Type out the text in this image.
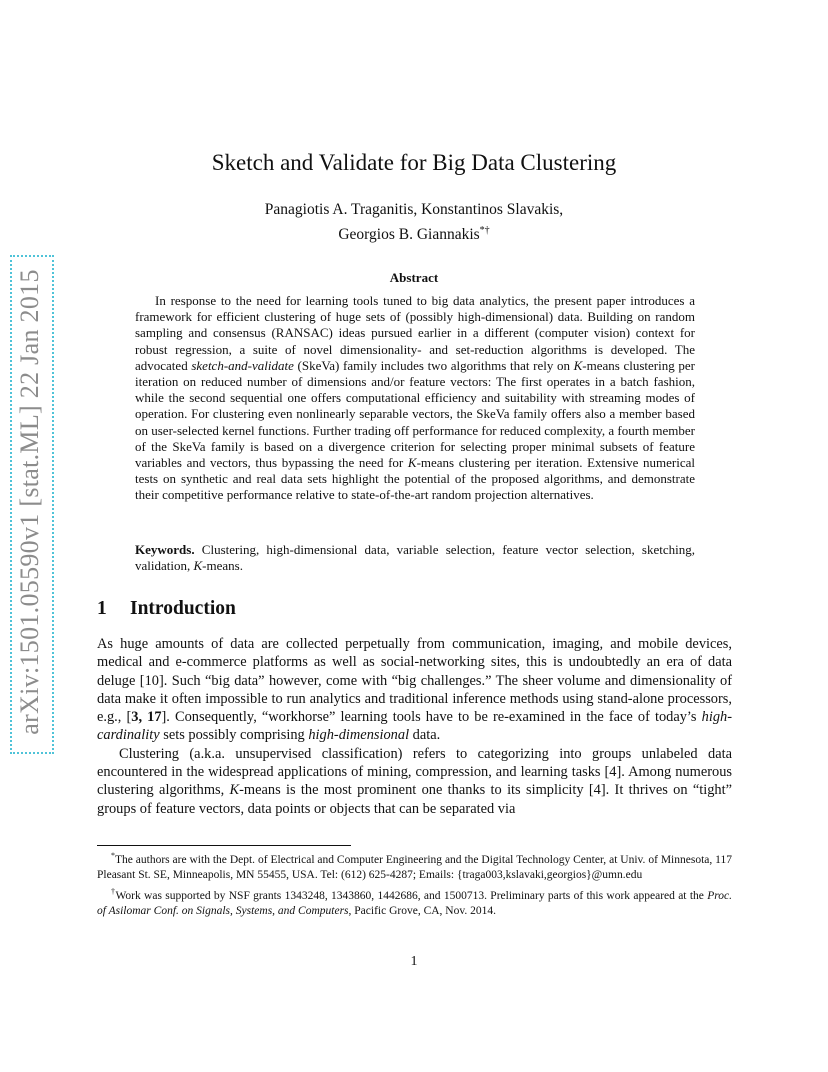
arXiv:1501.05590v1 [stat.ML] 22 Jan 2015
Sketch and Validate for Big Data Clustering
Panagiotis A. Traganitis, Konstantinos Slavakis,
Georgios B. Giannakis*†
Abstract

In response to the need for learning tools tuned to big data analytics, the present paper introduces a framework for efficient clustering of huge sets of (possibly high-dimensional) data. Building on random sampling and consensus (RANSAC) ideas pursued earlier in a different (computer vision) context for robust regression, a suite of novel dimensionality- and set-reduction algorithms is developed. The advocated sketch-and-validate (SkeVa) family includes two algorithms that rely on K-means clustering per iteration on reduced number of dimensions and/or feature vectors: The first operates in a batch fashion, while the second sequential one offers computational efficiency and suitability with streaming modes of operation. For clustering even nonlinearly separable vectors, the SkeVa family offers also a member based on user-selected kernel functions. Further trading off performance for reduced complexity, a fourth member of the SkeVa family is based on a divergence criterion for selecting proper minimal subsets of feature variables and vectors, thus bypassing the need for K-means clustering per iteration. Extensive numerical tests on synthetic and real data sets highlight the potential of the proposed algorithms, and demonstrate their competitive performance relative to state-of-the-art random projection alternatives.

Keywords. Clustering, high-dimensional data, variable selection, feature vector selection, sketching, validation, K-means.
1 Introduction

As huge amounts of data are collected perpetually from communication, imaging, and mobile devices, medical and e-commerce platforms as well as social-networking sites, this is undoubtedly an era of data deluge [10]. Such “big data” however, come with “big challenges.” The sheer volume and dimensionality of data make it often impossible to run analytics and traditional inference methods using stand-alone processors, e.g., [3, 17]. Consequently, “workhorse” learning tools have to be re-examined in the face of today’s high-cardinality sets possibly comprising high-dimensional data.

Clustering (a.k.a. unsupervised classification) refers to categorizing into groups unlabeled data encountered in the widespread applications of mining, compression, and learning tasks [4]. Among numerous clustering algorithms, K-means is the most prominent one thanks to its simplicity [4]. It thrives on “tight” groups of feature vectors, data points or objects that can be separated via

*The authors are with the Dept. of Electrical and Computer Engineering and the Digital Technology Center, at Univ. of Minnesota, 117 Pleasant St. SE, Minneapolis, MN 55455, USA. Tel: (612) 625-4287; Emails: {traga003,kslavaki,georgios}@umn.edu

†Work was supported by NSF grants 1343248, 1343860, 1442686, and 1500713. Preliminary parts of this work appeared at the Proc. of Asilomar Conf. on Signals, Systems, and Computers, Pacific Grove, CA, Nov. 2014.

1
